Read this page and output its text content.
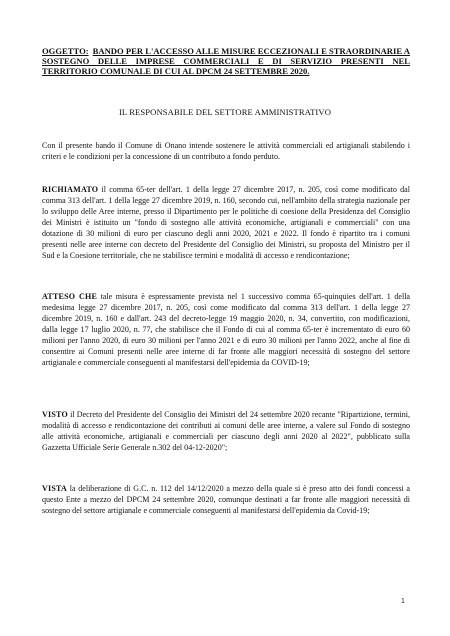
OGGETTO: BANDO PER L'ACCESSO ALLE MISURE ECCEZIONALI E STRAORDINARIE A SOSTEGNO DELLE IMPRESE COMMERCIALI E DI SERVIZIO PRESENTI NEL TERRITORIO COMUNALE DI CUI AL DPCM 24 SETTEMBRE 2020.
IL RESPONSABILE DEL SETTORE AMMINISTRATIVO

Con il presente bando il Comune di Onano intende sostenere le attività commerciali ed artigianali stabilendo i criteri e le condizioni per la concessione di un contributo a fondo perduto.

RICHIAMATO il comma 65-ter dell'art. 1 della legge 27 dicembre 2017, n. 205, così come modificato dal comma 313 dell'art. 1 della legge 27 dicembre 2019, n. 160, secondo cui, nell'ambito della strategia nazionale per lo sviluppo delle Aree interne, presso il Dipartimento per le politiche di coesione della Presidenza del Consiglio dei Ministri è istituito un "fondo di sostegno alle attività economiche, artigianali e commerciali" con una dotazione di 30 milioni di euro per ciascuno degli anni 2020, 2021 e 2022. Il fondo è ripartito tra i comuni presenti nelle aree interne con decreto del Presidente del Consiglio dei Ministri, su proposta del Ministro per il Sud e la Coesione territoriale, che ne stabilisce termini e modalità di accesso e rendicontazione;

ATTESO CHE tale misura è espressamente prevista nel 1 successivo comma 65-quinquies dell'art. 1 della medesima legge 27 dicembre 2017, n. 205, così come modificato dal comma 313 dell'art. 1 della legge 27 dicembre 2019, n. 160 e dall'art. 243 del decreto-legge 19 maggio 2020, n. 34, convertito, con modificazioni, dalla legge 17 luglio 2020, n. 77, che stabilisce che il Fondo di cui al comma 65-ter è incrementato di euro 60 milioni per l'anno 2020, di euro 30 milioni per l'anno 2021 e di euro 30 milioni per l'anno 2022, anche al fine di consentire ai Comuni presenti nelle aree interne di far fronte alle maggiori necessità di sostegno del settore artigianale e commerciale conseguenti al manifestarsi dell'epidemia da COVID-19;

VISTO il Decreto del Presidente del Consiglio dei Ministri del 24 settembre 2020 recante "Ripartizione, termini, modalità di accesso e rendicontazione dei contributi ai comuni delle aree interne, a valere sul Fondo di sostegno alle attività economiche, artigianali e commerciali per ciascuno degli anni 2020 al 2022", pubblicato sulla Gazzetta Ufficiale Serie Generale n.302 del 04-12-2020";

VISTA la deliberazione di G.C. n. 112 del 14/12/2020 a mezzo della quale si è preso atto dei fondi concessi a questo Ente a mezzo del DPCM 24 settembre 2020, comunque destinati a far fronte alle maggiori necessità di sostegno del settore artigianale e commerciale conseguenti al manifestarsi dell'epidemia da Covid-19;

1
